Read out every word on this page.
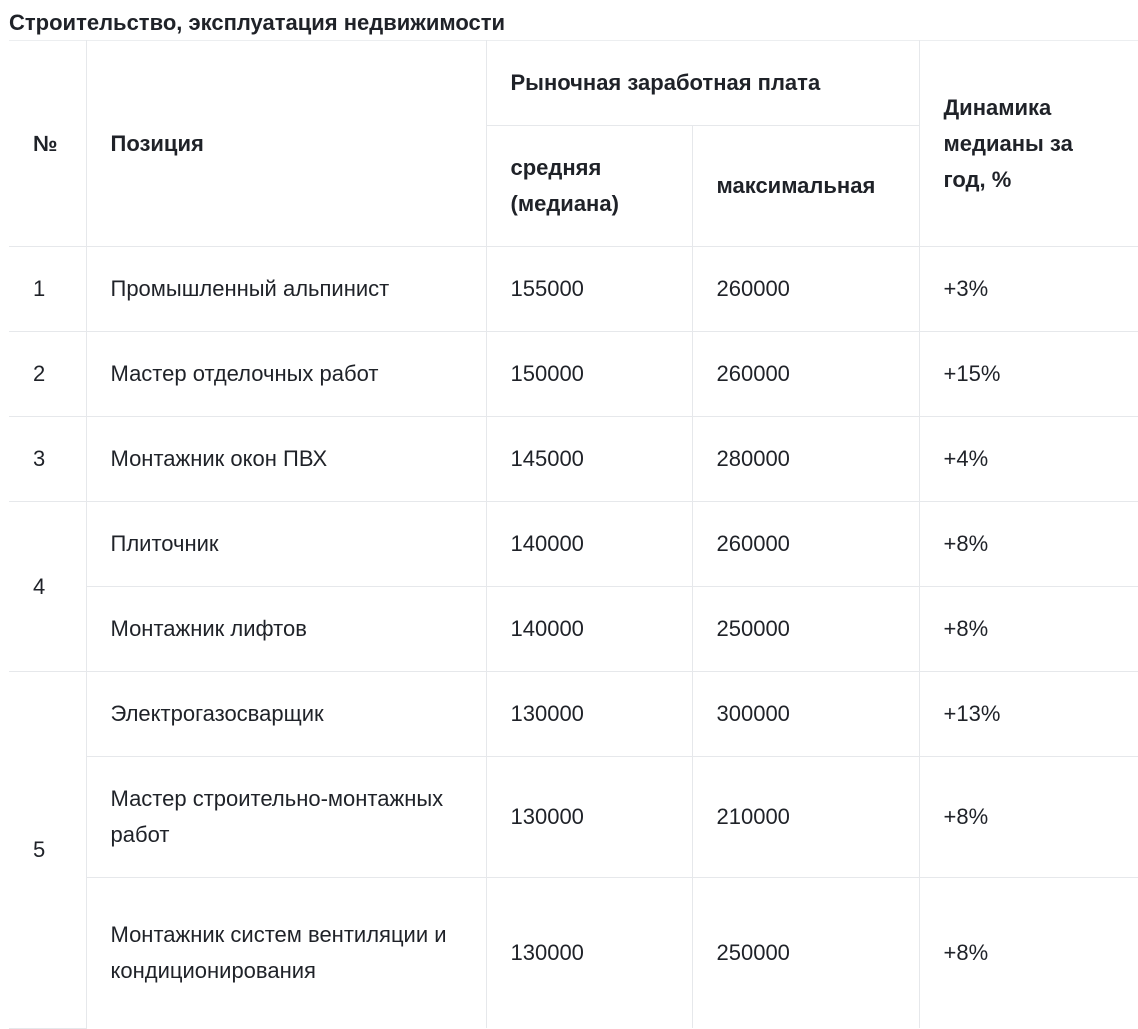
Строительство, эксплуатация недвижимости
№	Позиция	Рыночная заработная плата		Динамика медианы за год, %
		средняя (медиана)	максимальная	
1	Промышленный альпинист	155000	260000	+3%
2	Мастер отделочных работ	150000	260000	+15%
3	Монтажник окон ПВХ	145000	280000	+4%
4	Плиточник	140000	260000	+8%
	Монтажник лифтов	140000	250000	+8%
5	Электрогазосварщик	130000	300000	+13%
	Мастер строительно-монтажных работ	130000	210000	+8%
	Монтажник систем вентиляции и кондиционирования	130000	250000	+8%
